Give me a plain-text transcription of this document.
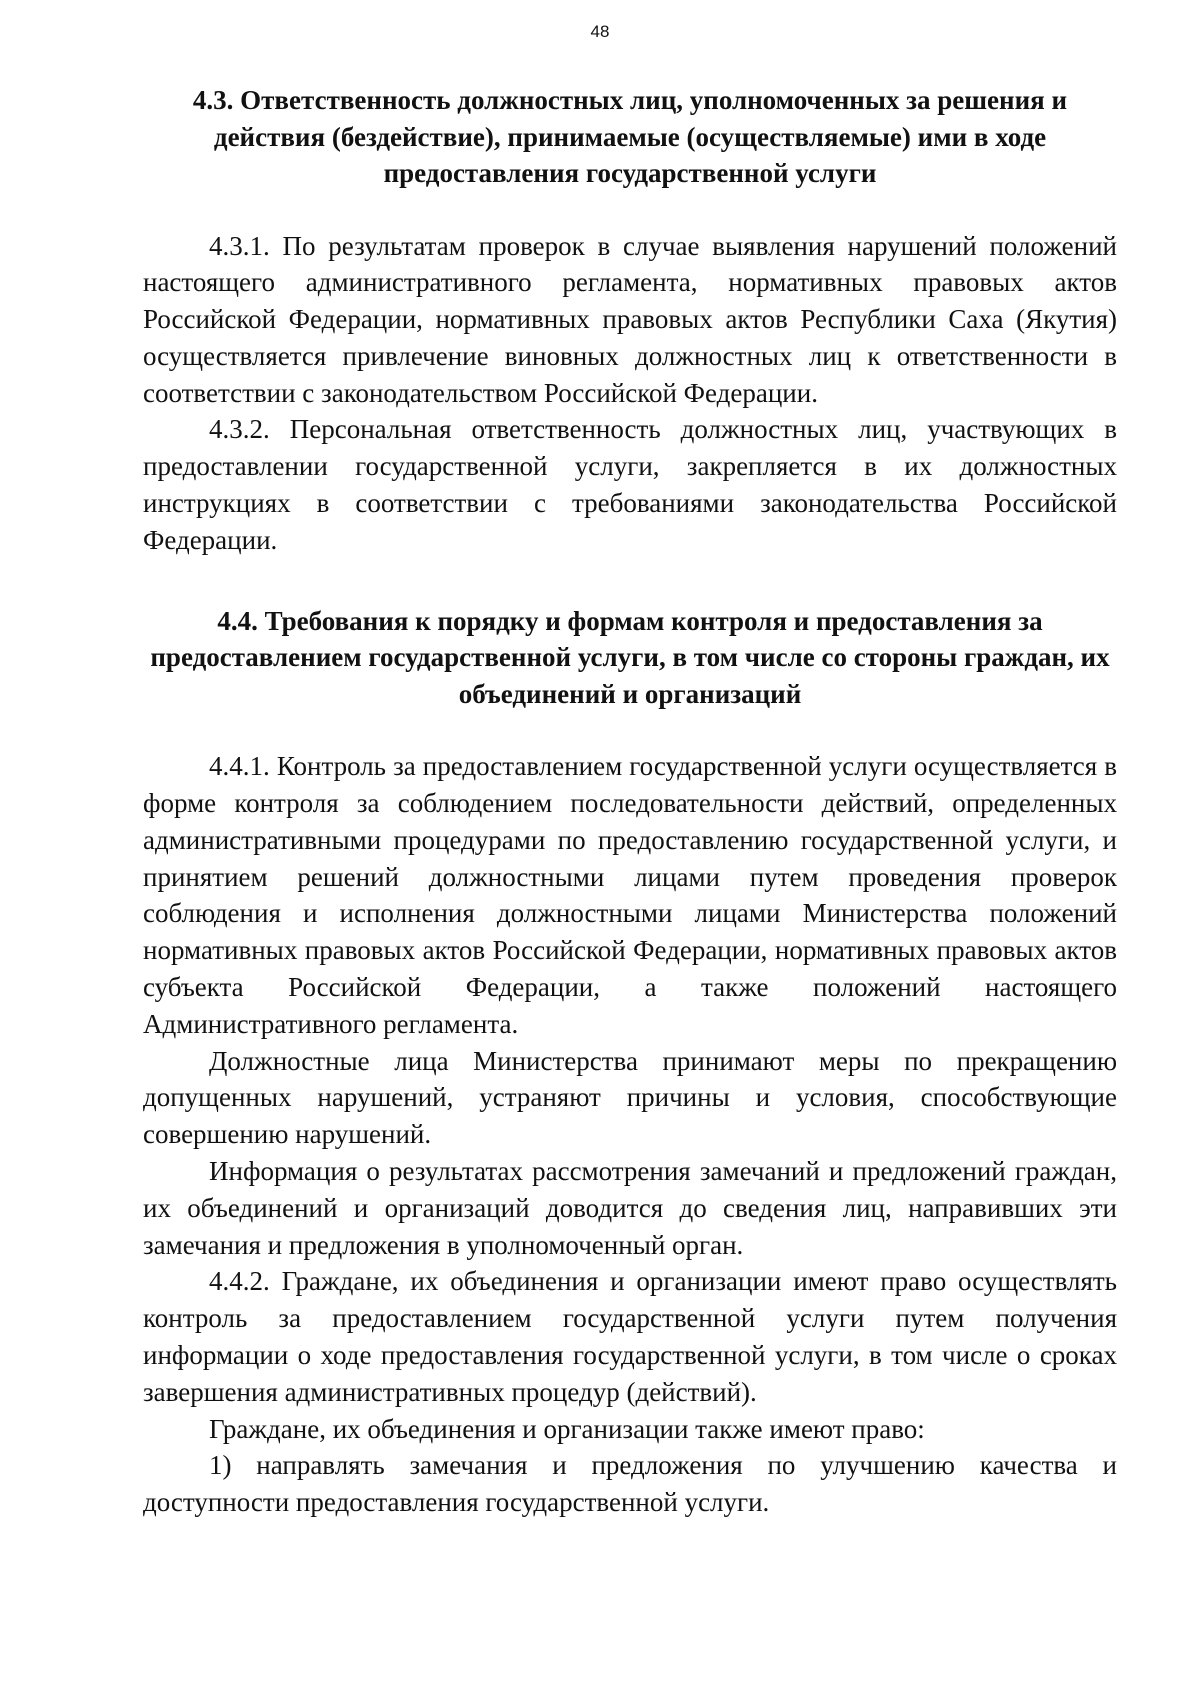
48
4.3. Ответственность должностных лиц, уполномоченных за решения и действия (бездействие), принимаемые (осуществляемые) ими в ходе предоставления государственной услуги

4.3.1. По результатам проверок в случае выявления нарушений положений настоящего административного регламента, нормативных правовых актов Российской Федерации, нормативных правовых актов Республики Саха (Якутия) осуществляется привлечение виновных должностных лиц к ответственности в соответствии с законодательством Российской Федерации.

4.3.2. Персональная ответственность должностных лиц, участвующих в предоставлении государственной услуги, закрепляется в их должностных инструкциях в соответствии с требованиями законодательства Российской Федерации.

4.4. Требования к порядку и формам контроля и предоставления за предоставлением государственной услуги, в том числе со стороны граждан, их объединений и организаций

4.4.1. Контроль за предоставлением государственной услуги осуществляется в форме контроля за соблюдением последовательности действий, определенных административными процедурами по предоставлению государственной услуги, и принятием решений должностными лицами путем проведения проверок соблюдения и исполнения должностными лицами Министерства положений нормативных правовых актов Российской Федерации, нормативных правовых актов субъекта Российской Федерации, а также положений настоящего Административного регламента.

Должностные лица Министерства принимают меры по прекращению допущенных нарушений, устраняют причины и условия, способствующие совершению нарушений.

Информация о результатах рассмотрения замечаний и предложений граждан, их объединений и организаций доводится до сведения лиц, направивших эти замечания и предложения в уполномоченный орган.

4.4.2. Граждане, их объединения и организации имеют право осуществлять контроль за предоставлением государственной услуги путем получения информации о ходе предоставления государственной услуги, в том числе о сроках завершения административных процедур (действий).

Граждане, их объединения и организации также имеют право:

1) направлять замечания и предложения по улучшению качества и доступности предоставления государственной услуги.
